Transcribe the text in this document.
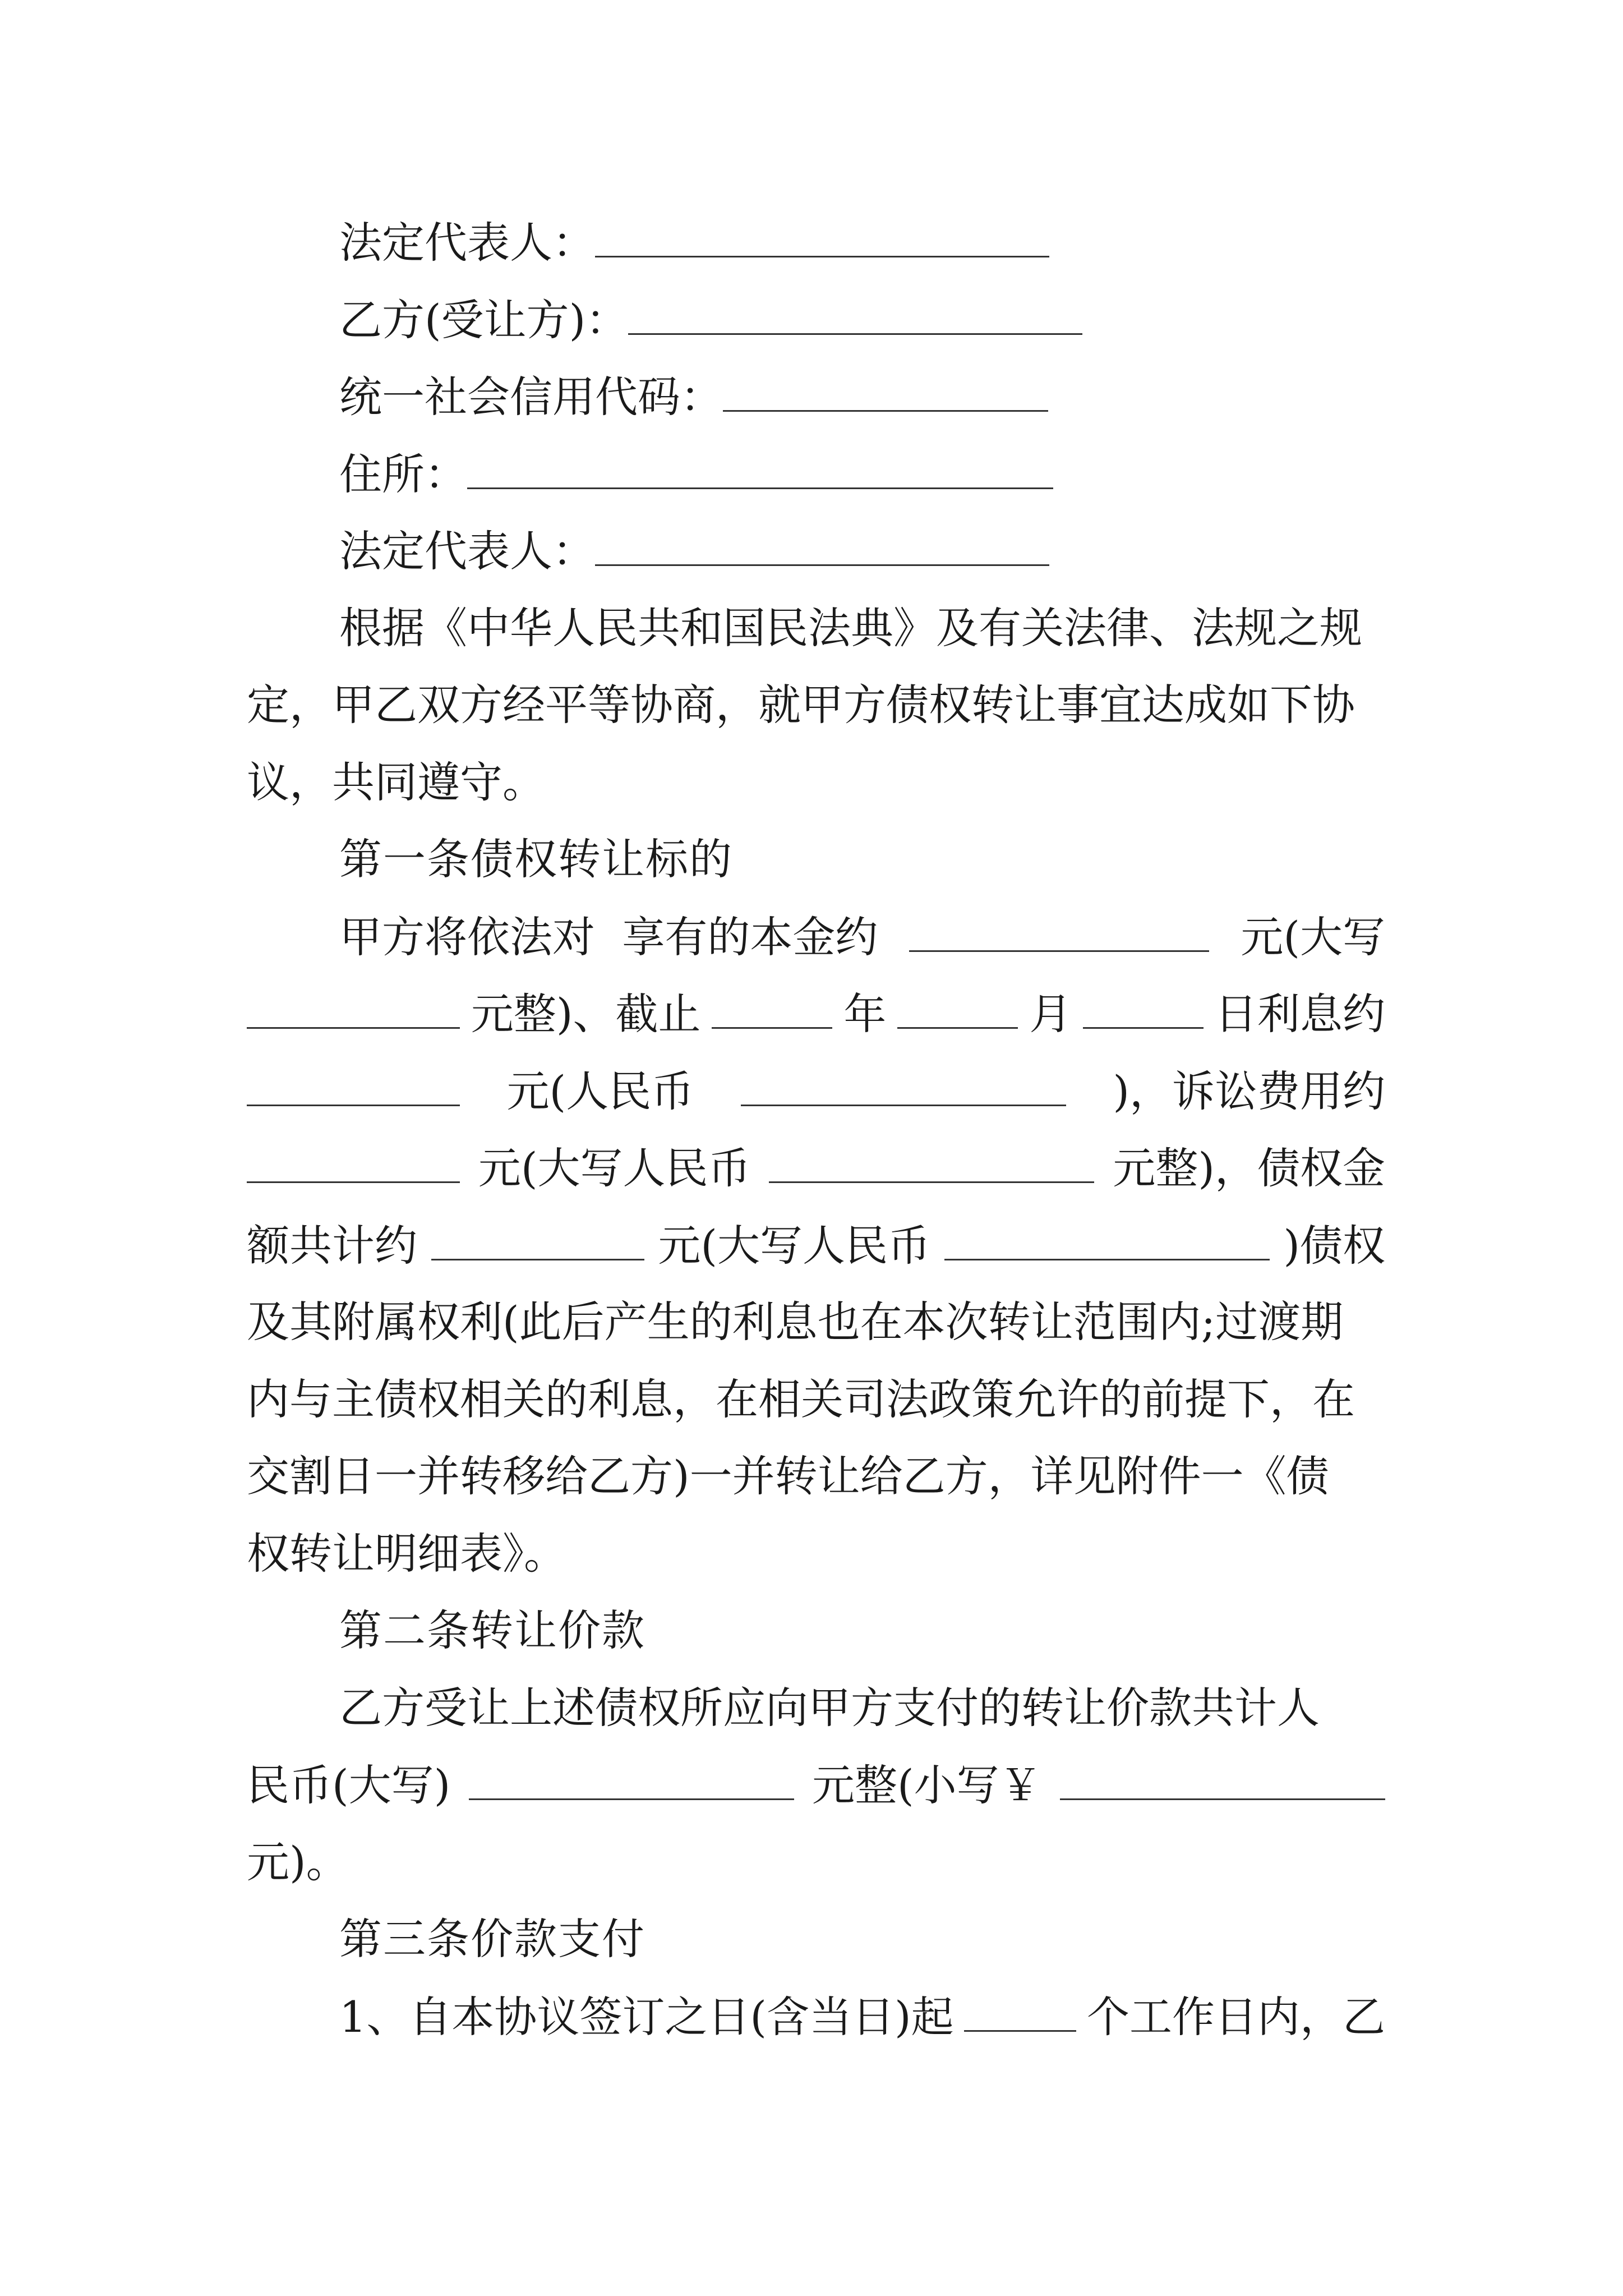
法定代表人：
乙方(受让方)：
统一社会信用代码：
住所：
法定代表人：
根据《中华人民共和国民法典》及有关法律、法规之规
定，甲乙双方经平等协商，就甲方债权转让事宜达成如下协
议，共同遵守。
第一条债权转让标的
甲方将依法对  享有的本金约	元(大写
元整)、截止	年	月	日利息约
元(人民币	)，诉讼费用约
元(大写人民币	元整)，债权金
额共计约	元(大写人民币	)债权
及其附属权利(此后产生的利息也在本次转让范围内;过渡期
内与主债权相关的利息，在相关司法政策允许的前提下，在
交割日一并转移给乙方)一并转让给乙方，详见附件一《债
权转让明细表》。
第二条转让价款
乙方受让上述债权所应向甲方支付的转让价款共计人
民币(大写)	元整(小写￥
元)。
第三条价款支付
1、自本协议签订之日(含当日)起	个工作日内，乙
